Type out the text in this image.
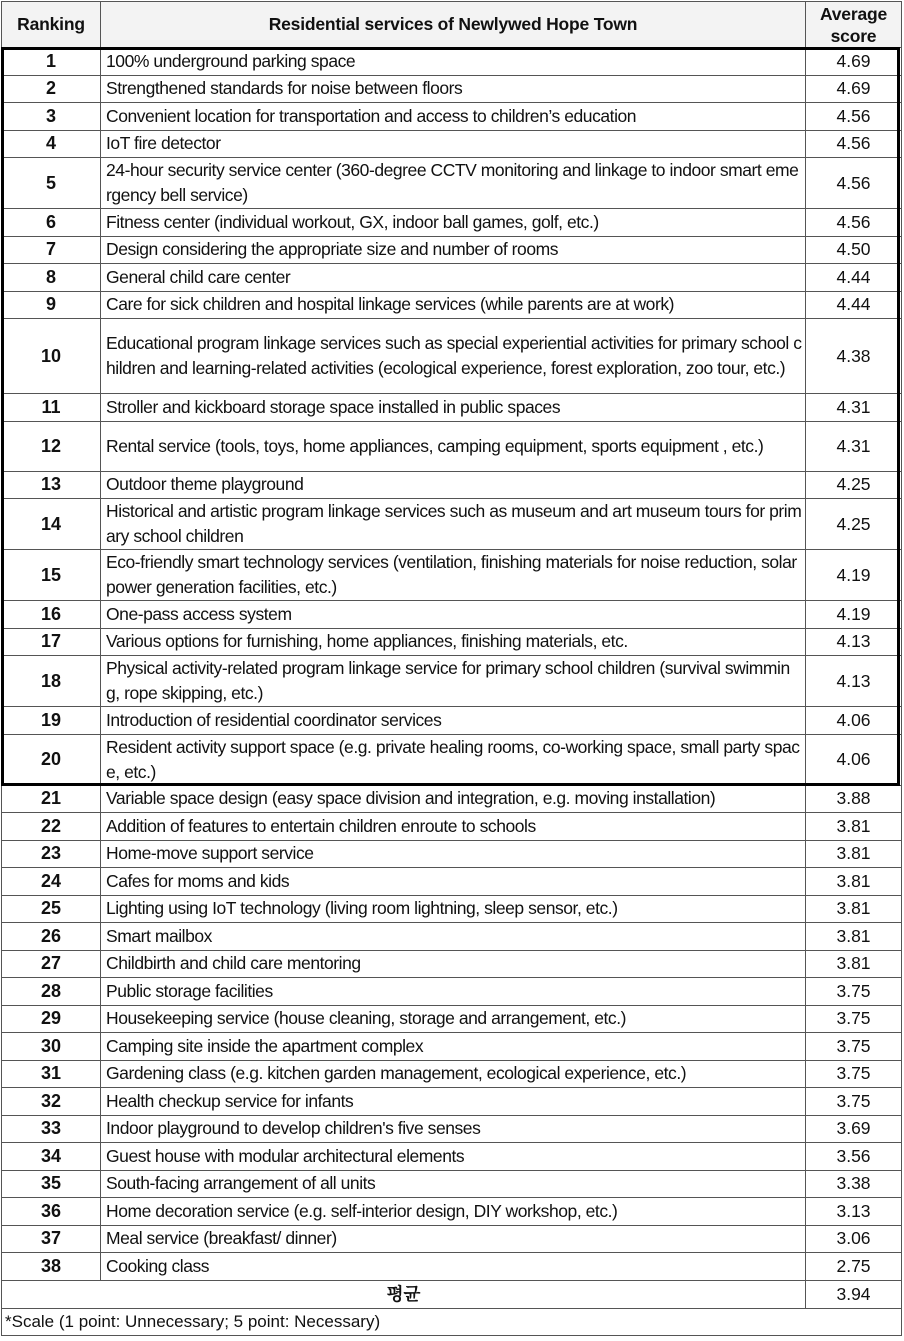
Ranking	Residential services of Newlywed Hope Town	Average score
1	100% underground parking space	4.69
2	Strengthened standards for noise between floors	4.69
3	Convenient location for transportation and access to children’s education	4.56
4	IoT fire detector	4.56
5	24-hour security service center (360-degree CCTV monitoring and linkage to indoor smart emergency bell service)	4.56
6	Fitness center (individual workout, GX, indoor ball games, golf, etc.)	4.56
7	Design considering the appropriate size and number of rooms	4.50
8	General child care center	4.44
9	Care for sick children and hospital linkage services (while parents are at work)	4.44
10	Educational program linkage services such as special experiential activities for primary school children and learning-related activities (ecological experience, forest exploration, zoo tour, etc.)	4.38
11	Stroller and kickboard storage space installed in public spaces	4.31
12	Rental service (tools, toys, home appliances, camping equipment, sports equipment , etc.)	4.31
13	Outdoor theme playground	4.25
14	Historical and artistic program linkage services such as museum and art museum tours for primary school children	4.25
15	Eco-friendly smart technology services (ventilation, finishing materials for noise reduction, solar power generation facilities, etc.)	4.19
16	One-pass access system	4.19
17	Various options for furnishing, home appliances, finishing materials, etc.	4.13
18	Physical activity-related program linkage service for primary school children (survival swimming, rope skipping, etc.)	4.13
19	Introduction of residential coordinator services	4.06
20	Resident activity support space (e.g. private healing rooms, co-working space, small party space, etc.)	4.06
21	Variable space design (easy space division and integration, e.g. moving installation)	3.88
22	Addition of features to entertain children enroute to schools	3.81
23	Home-move support service	3.81
24	Cafes for moms and kids	3.81
25	Lighting using IoT technology (living room lightning, sleep sensor, etc.)	3.81
26	Smart mailbox	3.81
27	Childbirth and child care mentoring	3.81
28	Public storage facilities	3.75
29	Housekeeping service (house cleaning, storage and arrangement, etc.)	3.75
30	Camping site inside the apartment complex	3.75
31	Gardening class (e.g. kitchen garden management, ecological experience, etc.)	3.75
32	Health checkup service for infants	3.75
33	Indoor playground to develop children's five senses	3.69
34	Guest house with modular architectural elements	3.56
35	South-facing arrangement of all units	3.38
36	Home decoration service (e.g. self-interior design, DIY workshop, etc.)	3.13
37	Meal service (breakfast/ dinner)	3.06
38	Cooking class	2.75
평균		3.94
*Scale (1 point: Unnecessary; 5 point: Necessary)		
